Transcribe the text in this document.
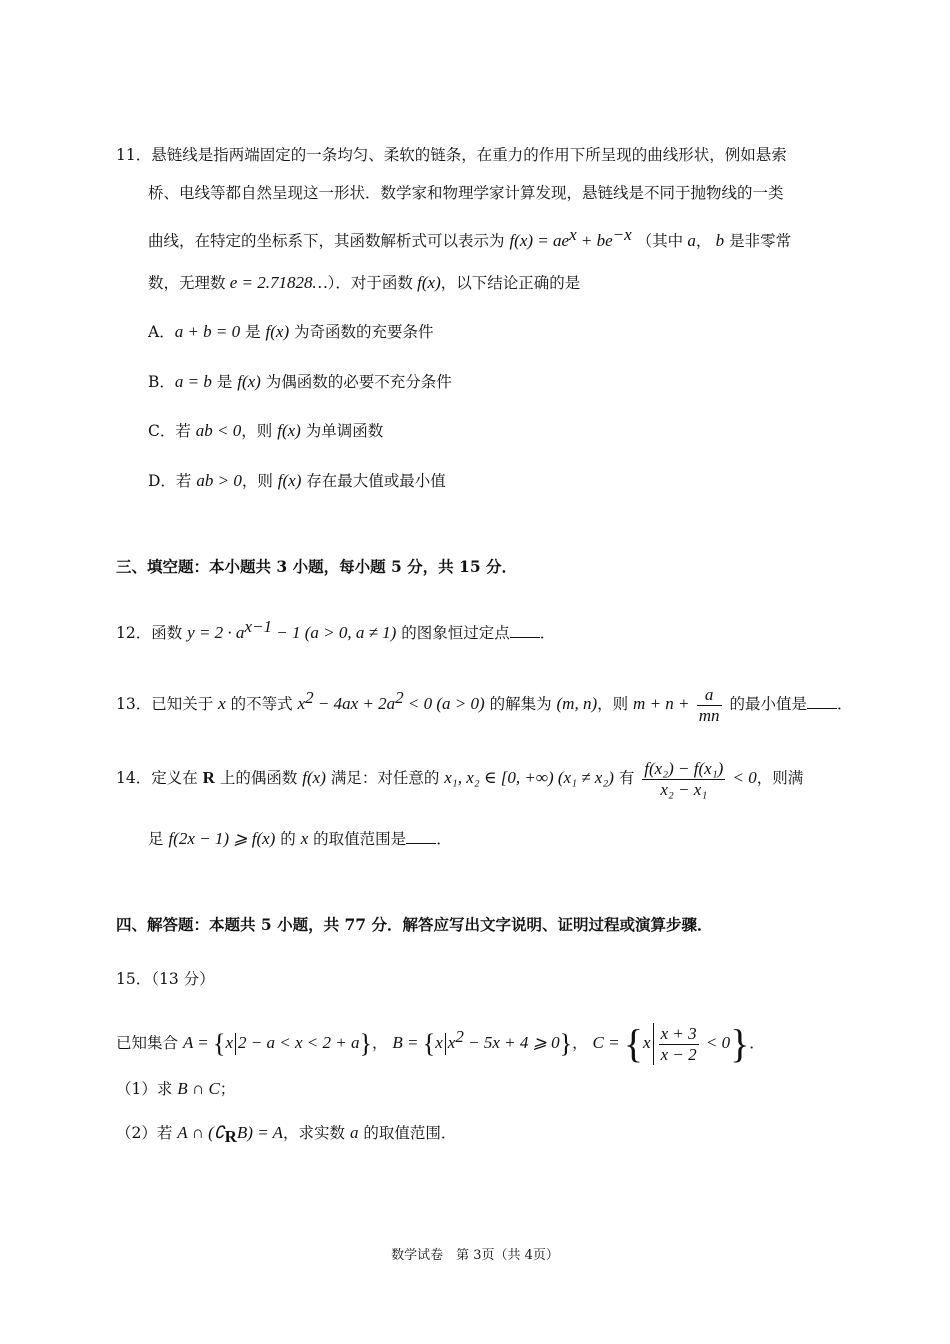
11．悬链线是指两端固定的一条均匀、柔软的链条，在重力的作用下所呈现的曲线形状，例如悬索
桥、电线等都自然呈现这一形状．数学家和物理学家计算发现，悬链线是不同于抛物线的一类
曲线，在特定的坐标系下，其函数解析式可以表示为 $f(x) = ae^x + be^{-x}$ （其中 a， b 是非零常
数，无理数 e = 2.71828…）．对于函数 f(x)，以下结论正确的是
A．a + b = 0 是 f(x) 为奇函数的充要条件
B．a = b 是 f(x) 为偶函数的必要不充分条件
C．若 ab < 0，则 f(x) 为单调函数
D．若 ab > 0，则 f(x) 存在最大值或最小值
三、填空题：本小题共 3 小题，每小题 5 分，共 15 分．
12．函数 $y = 2 \cdot a^{x-1} - 1$ (a > 0, a ≠ 1) 的图象恒过定点 ．
13．已知关于 x 的不等式 $x^2 - 4ax + 2a^2 < 0$ (a > 0) 的解集为 (m, n)，则 $m + n + \frac{a}{mn}$ 的最小值是 ．
14．定义在 R 上的偶函数 f(x) 满足：对任意的 x₁, x₂ ∈ [0, +∞) (x₁ ≠ x₂) 有 $\frac{\text{f(x₂) − f(x₁)}}{\text{x₂ − x₁}} < 0$，则满
足 f(2x − 1) ⩾ f(x) 的 x 的取值范围是 ．
四、解答题：本题共 5 小题，共 77 分．解答应写出文字说明、证明过程或演算步骤．
15．（13 分）
已知集合 A = {x 2 − a < x < 2 + a}， B = {x $x^2 - 5x + 4$ ⩾ 0}， $C = \{x \frac{x + 3}{x - 2} < 0\}$．
（1）求 B ∩ C；
（2）若 A ∩ $(∁_RB) = A$，求实数 a 的取值范围．
数学试卷　第 3页（共 4页）
